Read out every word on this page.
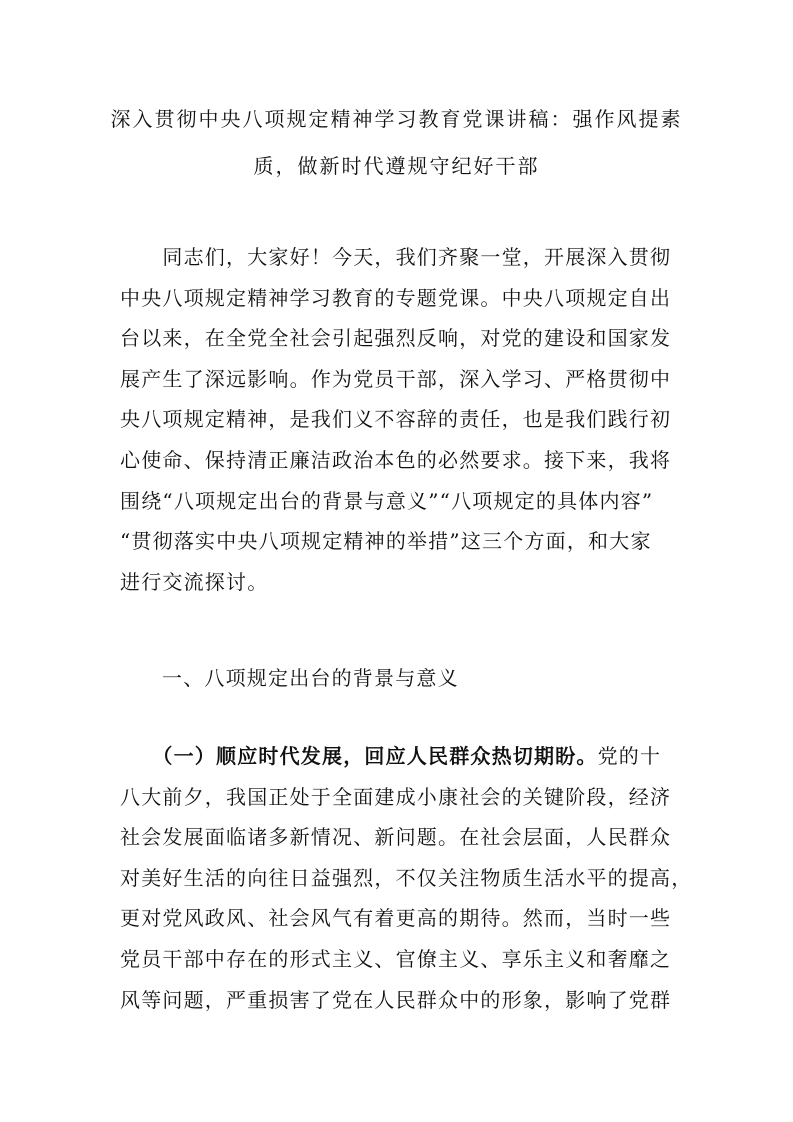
深入贯彻中央八项规定精神学习教育党课讲稿：强作风提素
质，做新时代遵规守纪好干部
　　同志们，大家好！今天，我们齐聚一堂，开展深入贯彻
中央八项规定精神学习教育的专题党课。中央八项规定自出
台以来，在全党全社会引起强烈反响，对党的建设和国家发
展产生了深远影响。作为党员干部，深入学习、严格贯彻中
央八项规定精神，是我们义不容辞的责任，也是我们践行初
心使命、保持清正廉洁政治本色的必然要求。接下来，我将
围绕“八项规定出台的背景与意义”“八项规定的具体内容”
“贯彻落实中央八项规定精神的举措”这三个方面，和大家
进行交流探讨。
一、八项规定出台的背景与意义
　　（一）顺应时代发展，回应人民群众热切期盼。党的十
八大前夕，我国正处于全面建成小康社会的关键阶段，经济
社会发展面临诸多新情况、新问题。在社会层面，人民群众
对美好生活的向往日益强烈，不仅关注物质生活水平的提高，
更对党风政风、社会风气有着更高的期待。然而，当时一些
党员干部中存在的形式主义、官僚主义、享乐主义和奢靡之
风等问题，严重损害了党在人民群众中的形象，影响了党群
